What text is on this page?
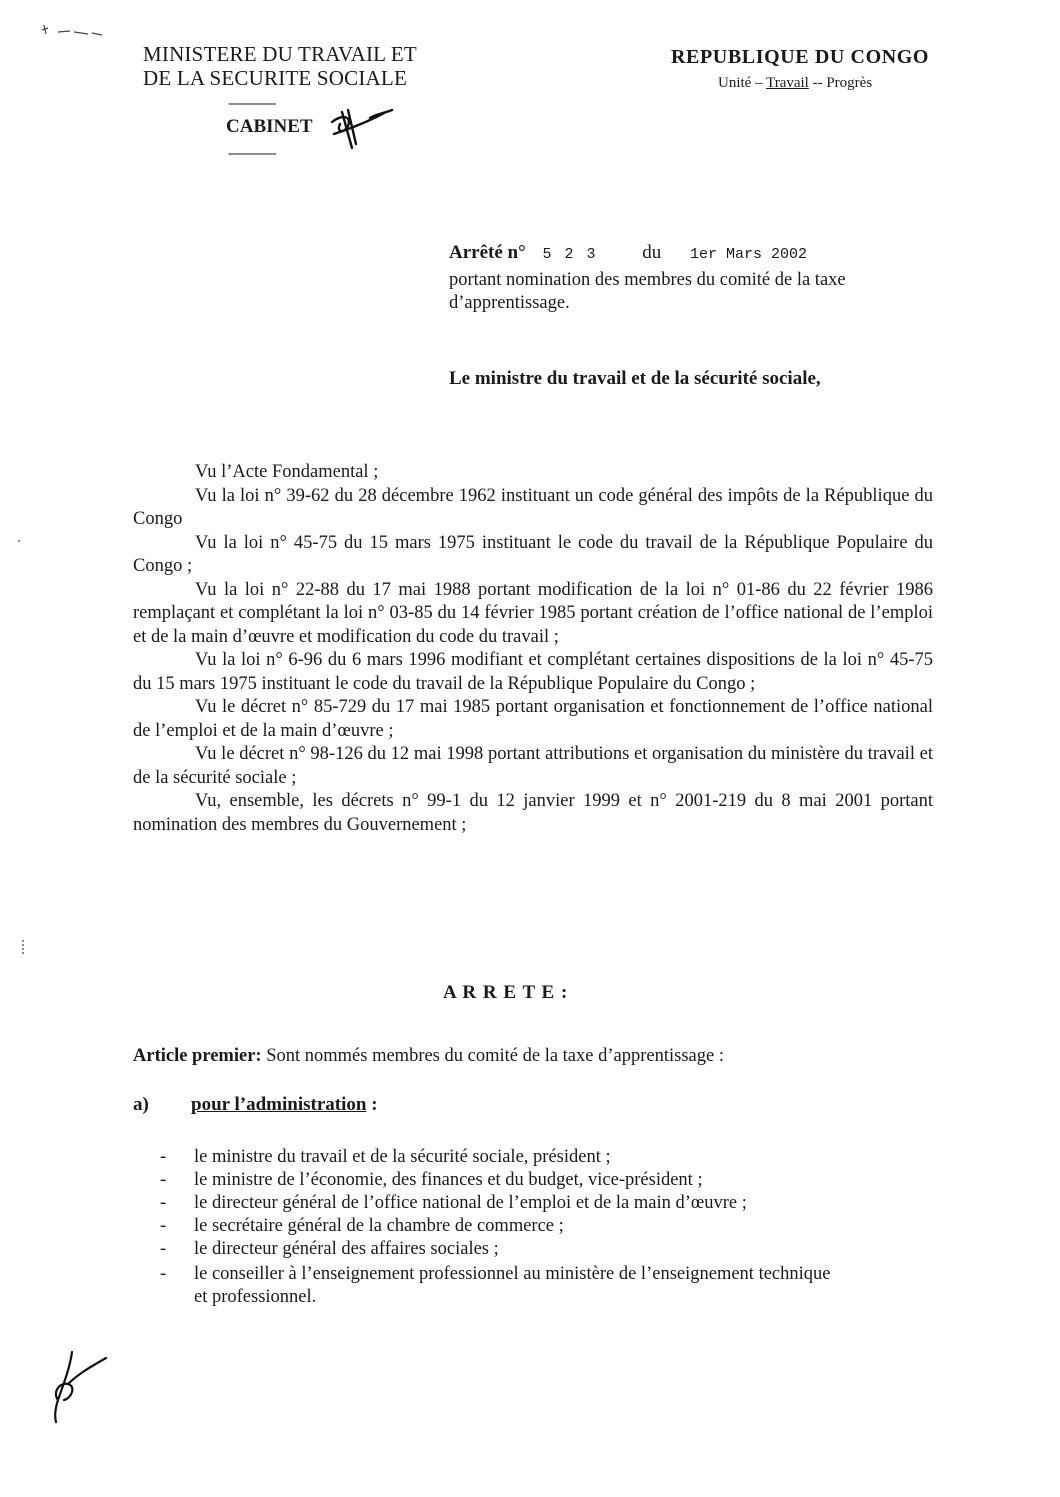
MINISTERE DU TRAVAIL ET
DE LA SECURITE SOCIALE
-------------
CABINET
-------------
REPUBLIQUE DU CONGO
Unité – Travail -- Progrès
Arrêté n° 5 2 3 du 1er Mars 2002
portant nomination des membres du comité de la taxe
d’apprentissage.
Le ministre du travail et de la sécurité sociale,

Vu l’Acte Fondamental ;

Vu la loi n° 39-62 du 28 décembre 1962 instituant un code général des impôts de la République du Congo

Vu la loi n° 45-75 du 15 mars 1975 instituant le code du travail de la République Populaire du Congo ;

Vu la loi n° 22-88 du 17 mai 1988 portant modification de la loi n° 01-86 du 22 février 1986 remplaçant et complétant la loi n° 03-85 du 14 février 1985 portant création de l’office national de l’emploi et de la main d’œuvre et modification du code du travail ;

Vu la loi n° 6-96 du 6 mars 1996 modifiant et complétant certaines dispositions de la loi n° 45-75 du 15 mars 1975 instituant le code du travail de la République Populaire du Congo ;

Vu le décret n° 85-729 du 17 mai 1985 portant organisation et fonctionnement de l’office national de l’emploi et de la main d’œuvre ;

Vu le décret n° 98-126 du 12 mai 1998 portant attributions et organisation du ministère du travail et de la sécurité sociale ;

Vu, ensemble, les décrets n° 99-1 du 12 janvier 1999 et n° 2001-219 du 8 mai 2001 portant nomination des membres du Gouvernement ;

A R R E T E :
Article premier: Sont nommés membres du comité de la taxe d’apprentissage :
a) pour l’administration :
- le ministre du travail et de la sécurité sociale, président ;
- le ministre de l’économie, des finances et du budget, vice-président ;
- le directeur général de l’office national de l’emploi et de la main d’œuvre ;
- le secrétaire général de la chambre de commerce ;
- le directeur général des affaires sociales ;
- le conseiller à l’enseignement professionnel au ministère de l’enseignement technique
et professionnel.
